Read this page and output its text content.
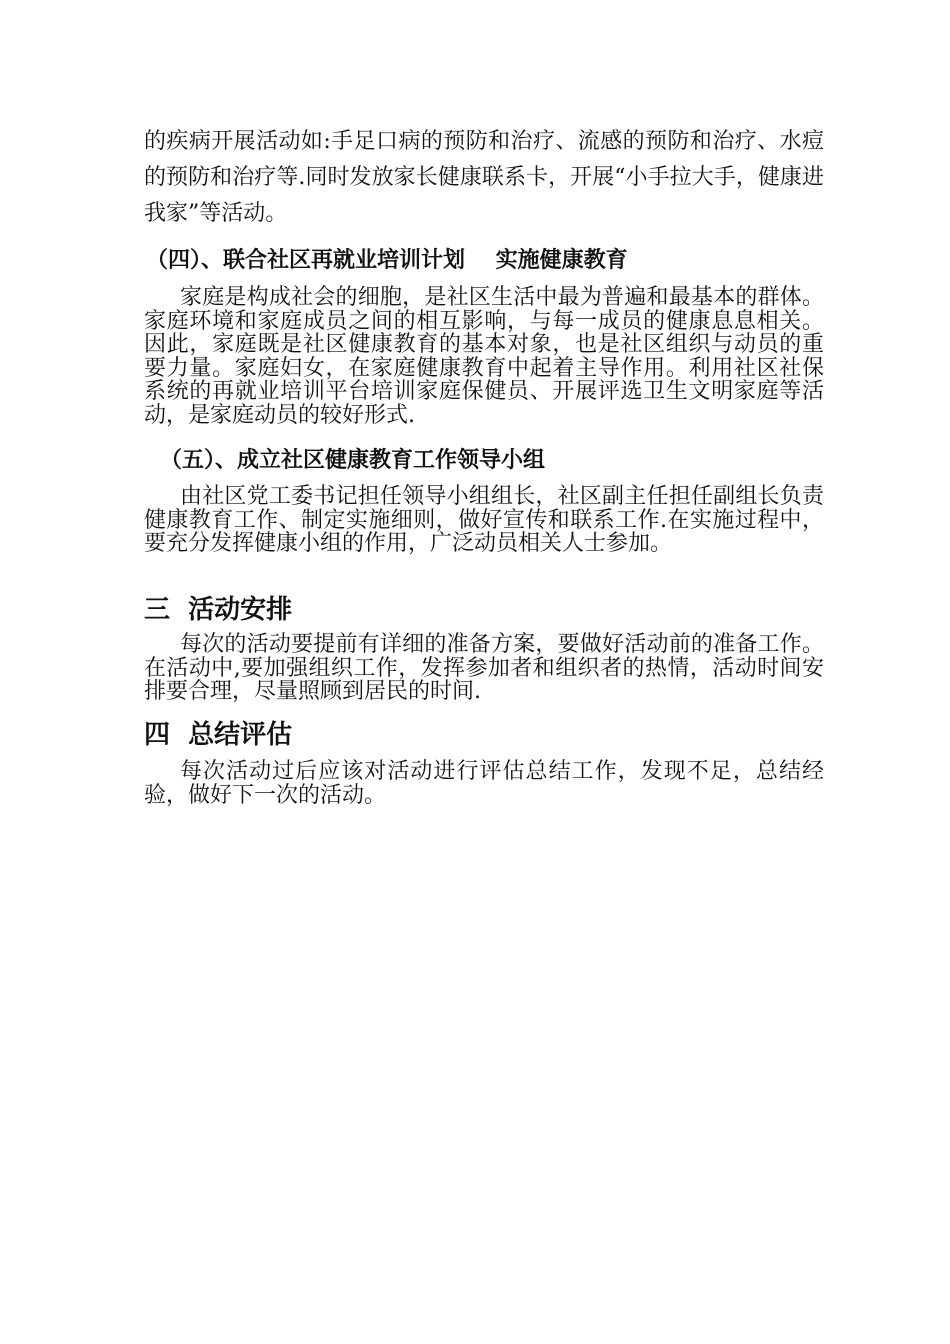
的疾病开展活动如:手足口病的预防和治疗、流感的预防和治疗、水痘的预防和治疗等.同时发放家长健康联系卡，开展“小手拉大手，健康进我家”等活动。

（四）、联合社区再就业培训计划    实施健康教育

家庭是构成社会的细胞，是社区生活中最为普遍和最基本的群体。家庭环境和家庭成员之间的相互影响，与每一成员的健康息息相关。因此，家庭既是社区健康教育的基本对象，也是社区组织与动员的重要力量。家庭妇女，在家庭健康教育中起着主导作用。利用社区社保系统的再就业培训平台培训家庭保健员、开展评选卫生文明家庭等活动，是家庭动员的较好形式.

（五）、成立社区健康教育工作领导小组

由社区党工委书记担任领导小组组长，社区副主任担任副组长负责健康教育工作、制定实施细则，做好宣传和联系工作.在实施过程中，要充分发挥健康小组的作用，广泛动员相关人士参加。

三  活动安排

每次的活动要提前有详细的准备方案，要做好活动前的准备工作。在活动中,要加强组织工作，发挥参加者和组织者的热情，活动时间安排要合理，尽量照顾到居民的时间.

四  总结评估

每次活动过后应该对活动进行评估总结工作，发现不足，总结经验，做好下一次的活动。
